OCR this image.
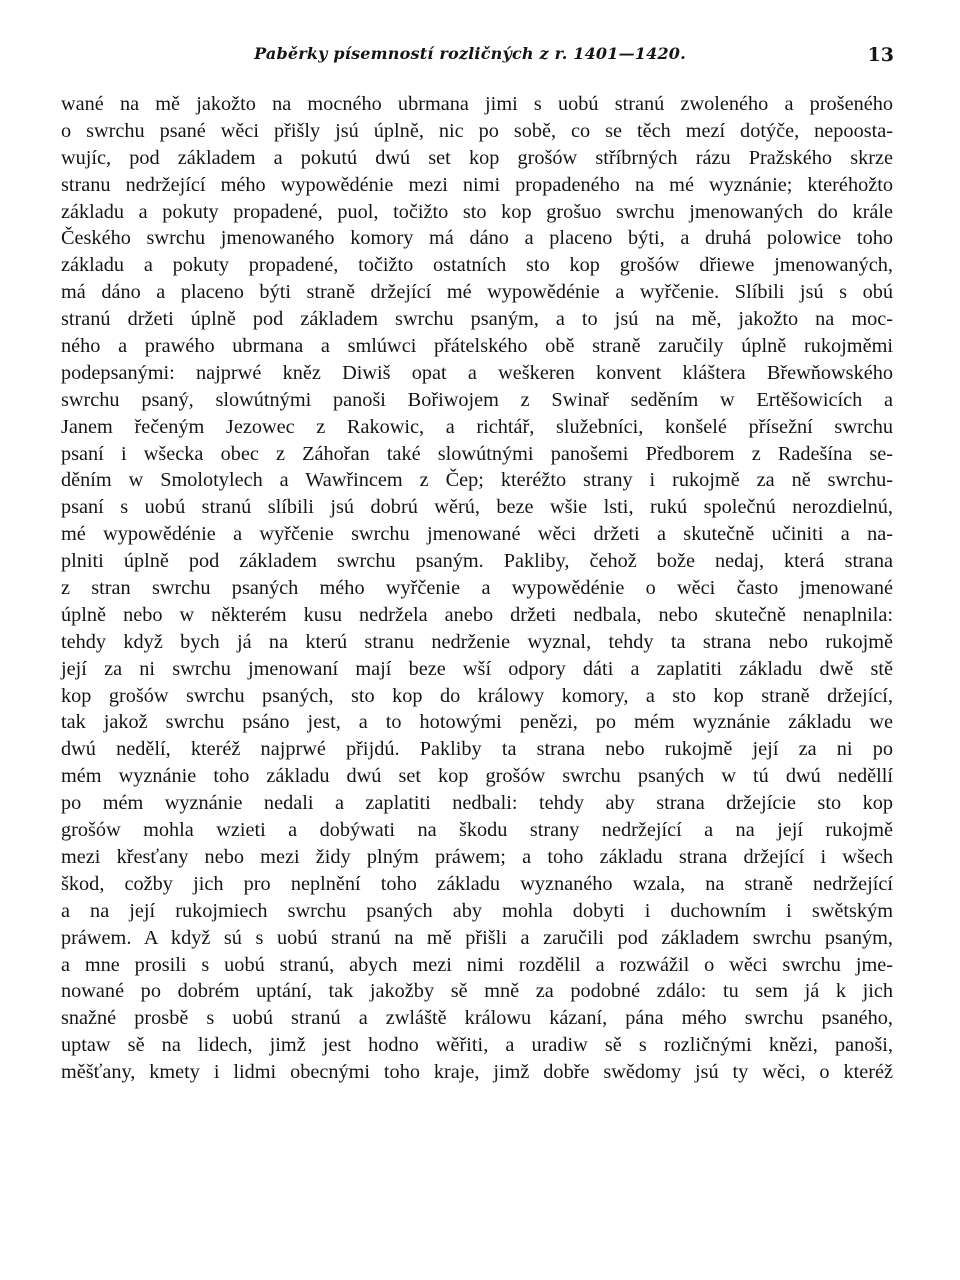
Paběrky písemností rozličných z r. 1401—1420.	13
wané na mě jakožto na mocného ubrmana jimi s uobú stranú zwoleného a prošeného
o swrchu psané wěci přišly jsú úplně, nic po sobě, co se těch mezí dotýče, nepoosta-
wujíc, pod základem a pokutú dwú set kop grošów stříbrných rázu Pražského skrze
stranu nedržející mého wypowědénie mezi nimi propadeného na mé wyznánie; kteréhožto
základu a pokuty propadené, puol, točižto sto kop grošuo swrchu jmenowaných do krále
Českého swrchu jmenowaného komory má dáno a placeno býti, a druhá polowice toho
základu a pokuty propadené, točižto ostatních sto kop grošów dřiewe jmenowaných,
má dáno a placeno býti straně držející mé wypowědénie a wyřčenie. Slíbili jsú s obú
stranú držeti úplně pod základem swrchu psaným, a to jsú na mě, jakožto na moc-
ného a prawého ubrmana a smlúwci přátelského obě straně zaručily úplně rukojměmi
podepsanými: najprwé kněz Diwiš opat a weškeren konvent kláštera Břewňowského
swrchu psaný, slowútnými panoši Bořiwojem z Swinař seděním w Ertěšowicích a
Janem řečeným Jezowec z Rakowic, a richtář, služebníci, konšelé přísežní swrchu
psaní i wšecka obec z Záhořan také slowútnými panošemi Předborem z Radešína se-
děním w Smolotylech a Wawřincem z Čep; kteréžto strany i rukojmě za ně swrchu-
psaní s uobú stranú slíbili jsú dobrú wěrú, beze wšie lsti, rukú společnú nerozdielnú,
mé wypowědénie a wyřčenie swrchu jmenowané wěci držeti a skutečně učiniti a na-
plniti úplně pod základem swrchu psaným. Pakliby, čehož bože nedaj, která strana
z stran swrchu psaných mého wyřčenie a wypowědénie o wěci často jmenowané
úplně nebo w některém kusu nedržela anebo držeti nedbala, nebo skutečně nenaplnila:
tehdy když bych já na kterú stranu nedrženie wyznal, tehdy ta strana nebo rukojmě
její za ni swrchu jmenowaní mají beze wší odpory dáti a zaplatiti základu dwě stě
kop grošów swrchu psaných, sto kop do králowy komory, a sto kop straně držející,
tak jakož swrchu psáno jest, a to hotowými penězi, po mém wyznánie základu we
dwú nedělí, kteréž najprwé přijdú. Pakliby ta strana nebo rukojmě její za ni po
mém wyznánie toho základu dwú set kop grošów swrchu psaných w tú dwú neděllí
po mém wyznánie nedali a zaplatiti nedbali: tehdy aby strana držejície sto kop
grošów mohla wzieti a dobýwati na škodu strany nedržející a na její rukojmě
mezi křesťany nebo mezi židy plným práwem; a toho základu strana držející i wšech
škod, cožby jich pro neplnění toho základu wyznaného wzala, na straně nedržející
a na její rukojmiech swrchu psaných aby mohla dobyti i duchowním i swětským
práwem. A když sú s uobú stranú na mě přišli a zaručili pod základem swrchu psaným,
a mne prosili s uobú stranú, abych mezi nimi rozdělil a rozwážil o wěci swrchu jme-
nowané po dobrém uptání, tak jakožby sě mně za podobné zdálo: tu sem já k jich
snažné prosbě s uobú stranú a zwláště králowu kázaní, pána mého swrchu psaného,
uptaw sě na lidech, jimž jest hodno wěřiti, a uradiw sě s rozličnými knězi, panoši,
měšťany, kmety i lidmi obecnými toho kraje, jimž dobře swědomy jsú ty wěci, o kteréž
